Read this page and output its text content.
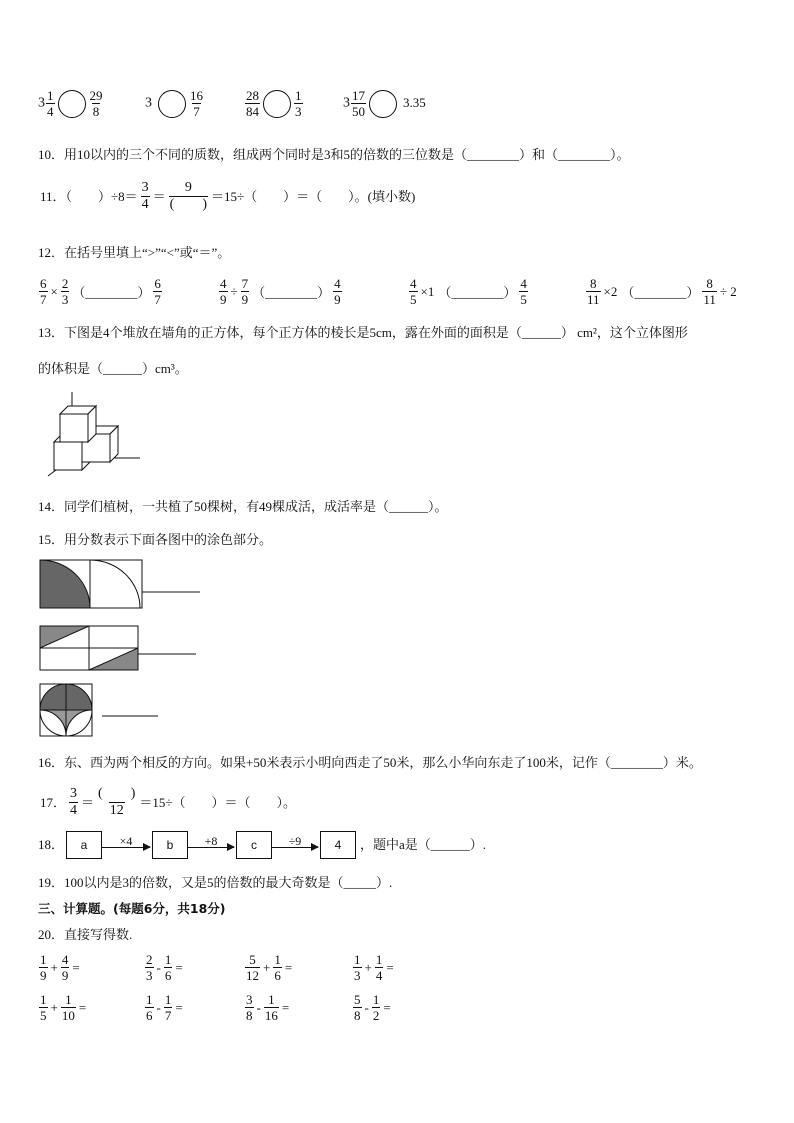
$3 \frac{1}{4}$	$\frac{29}{8}$	3	$\frac{16}{7}$	$\frac{28}{84}$	$\frac{1}{3}$	$3 \frac{17}{50}$	3.35
10．用10以内的三个不同的质数，组成两个同时是3和5的倍数的三位数是（________）和（________）。
11．（　　）$\div 8= \frac{3}{4} = \frac{9}{( )} =15\div$（　　）＝（　　）。(填小数)
12．在括号里填上“>”“<”或“＝”。
$\frac{6}{7} \times \frac{2}{3}$ （________） $\frac{6}{7}$	$\frac{4}{9} \div \frac{7}{9}$ （________） $\frac{4}{9}$	$\frac{4}{5} \times 1$ （________） $\frac{4}{5}$	$\frac{8}{11} \times 2$ （________） $\frac{8}{11} \div 2$
13．下图是4个堆放在墙角的正方体，每个正方体的棱长是5cm，露在外面的面积是（______） cm²，这个立体图形
的体积是（______）cm³。
14．同学们植树，一共植了50棵树，有49棵成活，成活率是（______）。
15．用分数表示下面各图中的涂色部分。
16．东、西为两个相反的方向。如果+50米表示小明向西走了50米，那么小华向东走了100米，记作（________）米。
17． $\frac{3}{4} = \frac{( )}{12} =15\div$（　　）＝（　　）。
18．	a	×4	b	+8	c	÷9	4	，题中a是（______）.
19．100以内是3的倍数，又是5的倍数的最大奇数是（_____）.
三、计算题。(每题6分，共18分)
20．直接写得数.
$\frac{1}{9} + \frac{4}{9}$ =	$\frac{2}{3} - \frac{1}{6}$ =	$\frac{5}{12} + \frac{1}{6}$ =	$\frac{1}{3} + \frac{1}{4}$ =
$\frac{1}{5} + \frac{1}{10}$ =	$\frac{1}{6} - \frac{1}{7}$ =	$\frac{3}{8} - \frac{1}{16}$ =	$\frac{5}{8} - \frac{1}{2}$ =
